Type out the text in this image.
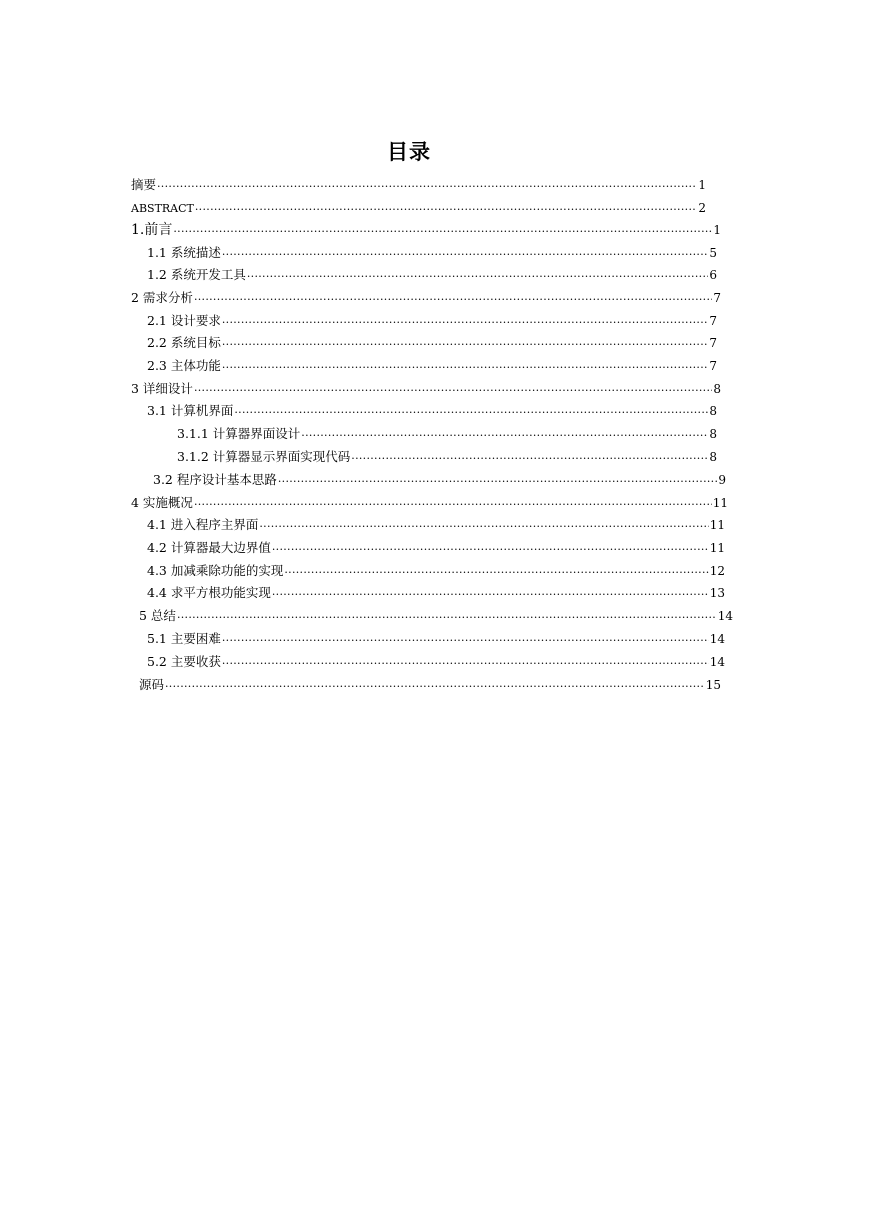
目录
摘要 ·····	1
ABSTRACT ·····	2
1.前言 ·····	1
1.1 系统描述 ·····	5
1.2 系统开发工具 ·····	6
2 需求分析 ·····	7
2.1 设计要求 ·····	7
2.2 系统目标 ·····	7
2.3 主体功能 ·····	7
3 详细设计 ·····	8
3.1 计算机界面 ·····	8
3.1.1 计算器界面设计 ·····	8
3.1.2 计算器显示界面实现代码 ·····	8
3.2 程序设计基本思路 ·····	9
4 实施概况 ·····	11
4.1 进入程序主界面 ·····	11
4.2 计算器最大边界值 ·····	11
4.3 加减乘除功能的实现 ·····	12
4.4 求平方根功能实现 ·····	13
5 总结 ·····	14
5.1 主要困难 ·····	14
5.2 主要收获 ·····	14
源码 ·····	15
